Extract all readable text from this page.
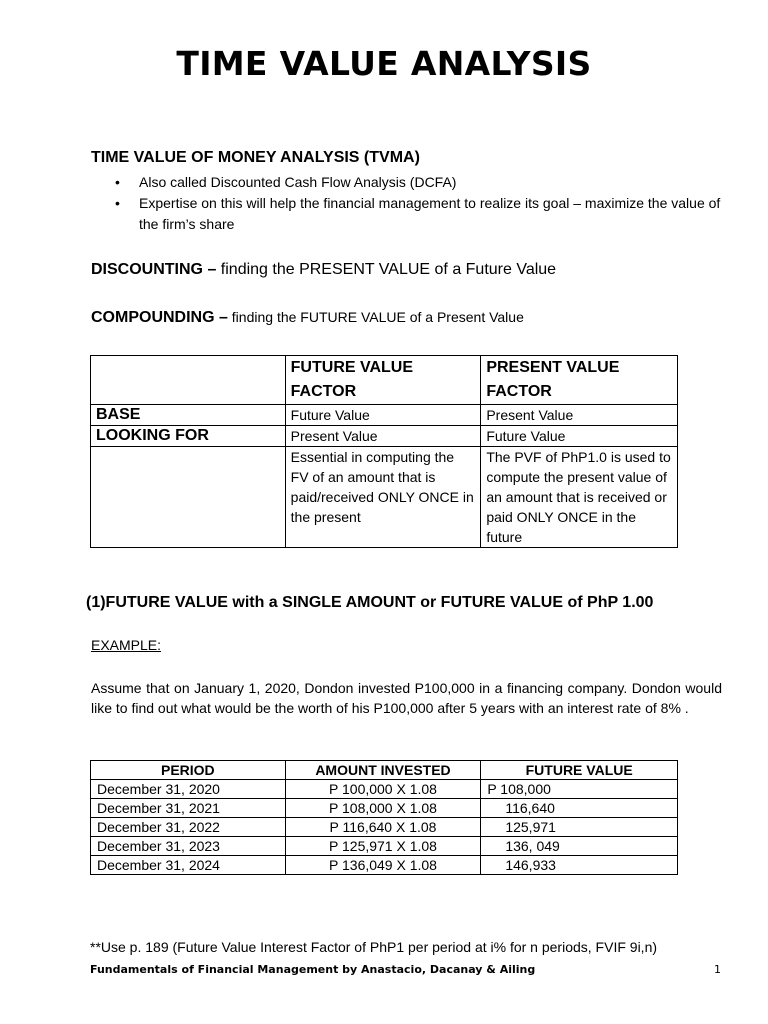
TIME VALUE ANALYSIS
TIME VALUE OF MONEY ANALYSIS (TVMA)
• Also called Discounted Cash Flow Analysis (DCFA)
• Expertise on this will help the financial management to realize its goal – maximize the value of the firm’s share
DISCOUNTING – finding the PRESENT VALUE of a Future Value
COMPOUNDING – finding the FUTURE VALUE of a Present Value
	FUTURE VALUE FACTOR	PRESENT VALUE FACTOR
BASE	Future Value	Present Value
LOOKING FOR	Present Value	Future Value
	Essential in computing the FV of an amount that is paid/received ONLY ONCE in the present	The PVF of PhP1.0 is used to compute the present value of an amount that is received or paid ONLY ONCE in the future
(1)FUTURE VALUE with a SINGLE AMOUNT or FUTURE VALUE of PhP 1.00
EXAMPLE:
Assume that on January 1, 2020, Dondon invested P100,000 in a financing company. Dondon would like to find out what would be the worth of his P100,000 after 5 years with an interest rate of 8% .
PERIOD	AMOUNT INVESTED	FUTURE VALUE
December 31, 2020	P 100,000 X 1.08	P 108,000
December 31, 2021	P 108,000 X 1.08	116,640
December 31, 2022	P 116,640 X 1.08	125,971
December 31, 2023	P 125,971 X 1.08	136, 049
December 31, 2024	P 136,049 X 1.08	146,933
**Use p. 189 (Future Value Interest Factor of PhP1 per period at i% for n periods, FVIF 9i,n)
Fundamentals of Financial Management by Anastacio, Dacanay & Ailing	1
